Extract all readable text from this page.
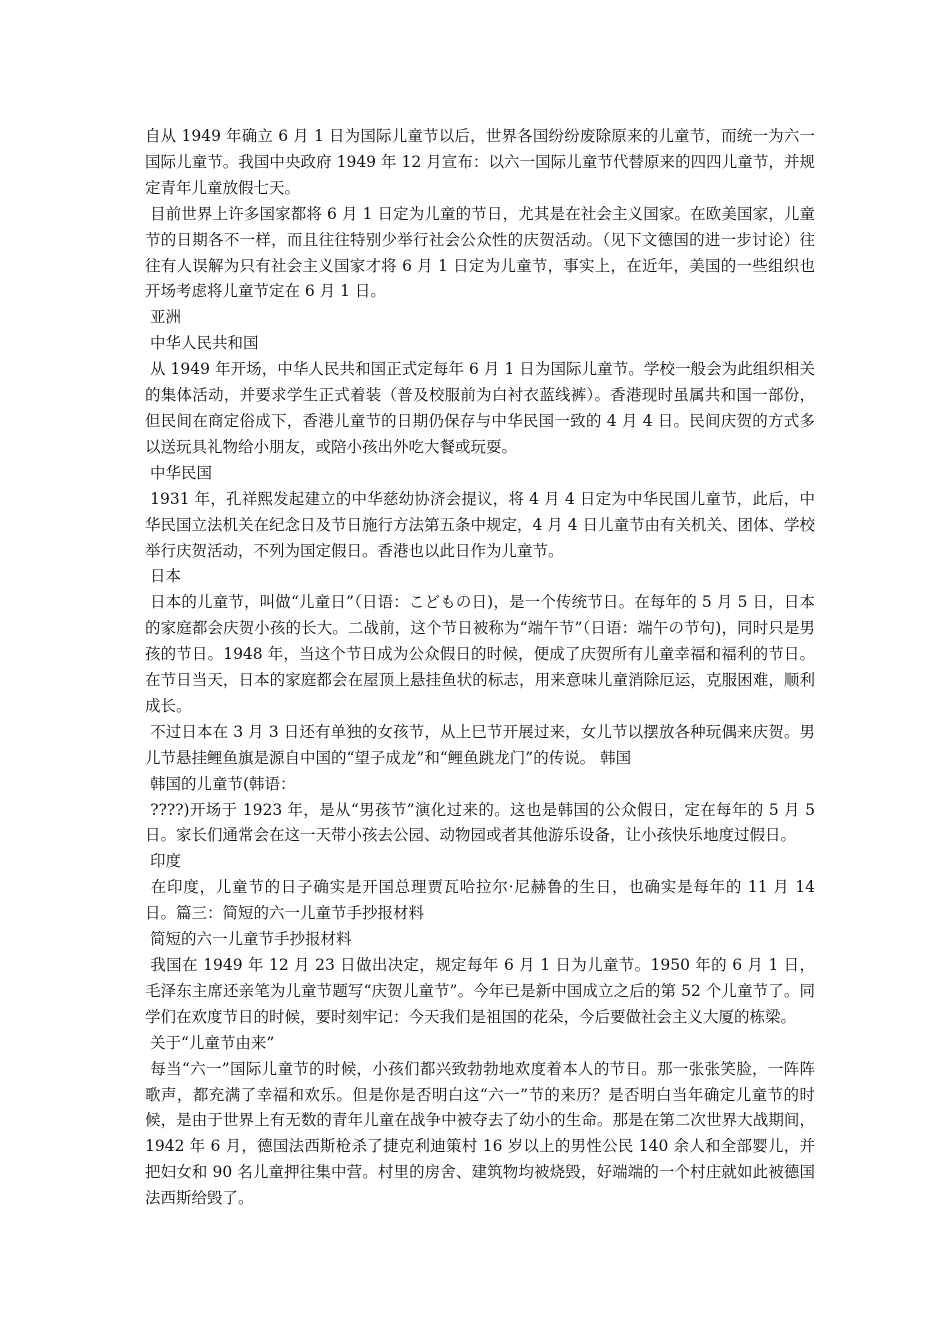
自从 1949 年确立 6 月 1 日为国际儿童节以后，世界各国纷纷废除原来的儿童节，而统一为六一国际儿童节。我国中央政府 1949 年 12 月宣布：以六一国际儿童节代替原来的四四儿童节，并规定青年儿童放假七天。

目前世界上许多国家都将 6 月 1 日定为儿童的节日，尤其是在社会主义国家。在欧美国家，儿童节的日期各不一样，而且往往特别少举行社会公众性的庆贺活动。（见下文德国的进一步讨论）往往有人误解为只有社会主义国家才将 6 月 1 日定为儿童节，事实上，在近年，美国的一些组织也开场考虑将儿童节定在 6 月 1 日。

亚洲

中华人民共和国

从 1949 年开场，中华人民共和国正式定每年 6 月 1 日为国际儿童节。学校一般会为此组织相关的集体活动，并要求学生正式着装（普及校服前为白衬衣蓝线裤）。香港现时虽属共和国一部份，但民间在商定俗成下，香港儿童节的日期仍保存与中华民国一致的 4 月 4 日。民间庆贺的方式多以送玩具礼物给小朋友，或陪小孩出外吃大餐或玩耍。

中华民国

1931 年，孔祥熙发起建立的中华慈幼协济会提议，将 4 月 4 日定为中华民国儿童节，此后，中华民国立法机关在纪念日及节日施行方法第五条中规定，4 月 4 日儿童节由有关机关、团体、学校举行庆贺活动，不列为国定假日。香港也以此日作为儿童节。

日本

日本的儿童节，叫做“儿童日”（日语：こどもの日)，是一个传统节日。在每年的 5 月 5 日，日本的家庭都会庆贺小孩的长大。二战前，这个节日被称为“端午节”（日语：端午の节句)，同时只是男孩的节日。1948 年，当这个节日成为公众假日的时候，便成了庆贺所有儿童幸福和福利的节日。在节日当天，日本的家庭都会在屋顶上悬挂鱼状的标志，用来意味儿童消除厄运，克服困难，顺利成长。

不过日本在 3 月 3 日还有单独的女孩节，从上巳节开展过来，女儿节以摆放各种玩偶来庆贺。男儿节悬挂鲤鱼旗是源自中国的“望子成龙”和“鲤鱼跳龙门”的传说。 韩国

韩国的儿童节(韩语：

????)开场于 1923 年，是从“男孩节”演化过来的。这也是韩国的公众假日，定在每年的 5 月 5 日。家长们通常会在这一天带小孩去公园、动物园或者其他游乐设备，让小孩快乐地度过假日。

印度

在印度，儿童节的日子确实是开国总理贾瓦哈拉尔·尼赫鲁的生日，也确实是每年的 11 月 14 日。篇三：简短的六一儿童节手抄报材料

简短的六一儿童节手抄报材料

我国在 1949 年 12 月 23 日做出决定，规定每年 6 月 1 日为儿童节。1950 年的 6 月 1 日，毛泽东主席还亲笔为儿童节题写“庆贺儿童节”。今年已是新中国成立之后的第 52 个儿童节了。同学们在欢度节日的时候，要时刻牢记：今天我们是祖国的花朵，今后要做社会主义大厦的栋梁。

关于“儿童节由来”

每当“六一”国际儿童节的时候，小孩们都兴致勃勃地欢度着本人的节日。那一张张笑脸，一阵阵歌声，都充满了幸福和欢乐。但是你是否明白这“六一”节的来历？是否明白当年确定儿童节的时候，是由于世界上有无数的青年儿童在战争中被夺去了幼小的生命。那是在第二次世界大战期间，1942 年 6 月，德国法西斯枪杀了捷克利迪策村 16 岁以上的男性公民 140 余人和全部婴儿，并把妇女和 90 名儿童押往集中营。村里的房舍、建筑物均被烧毁，好端端的一个村庄就如此被德国法西斯给毁了。
